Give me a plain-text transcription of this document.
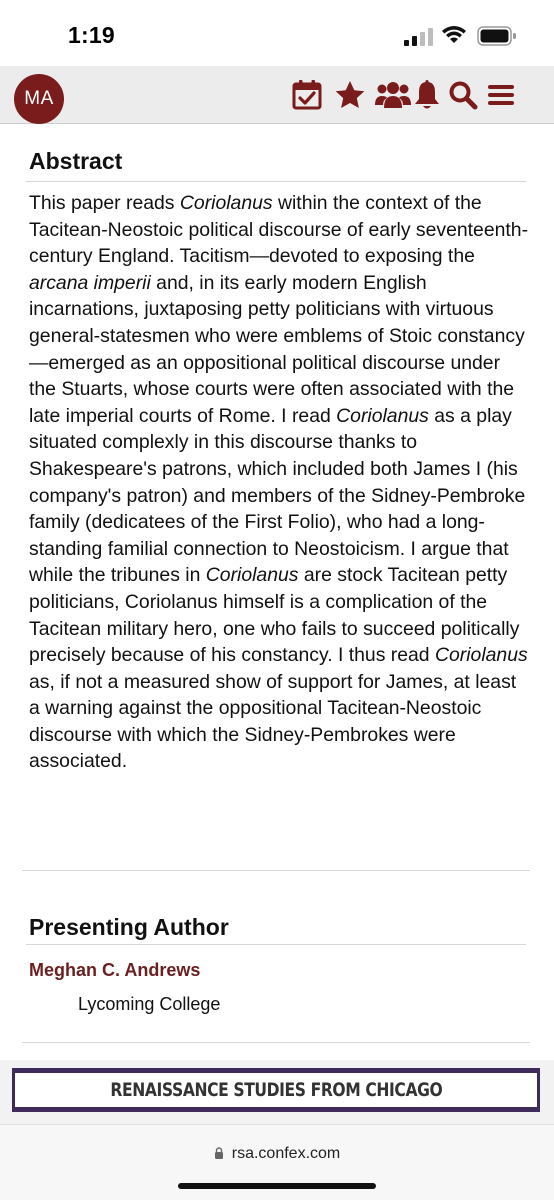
1:19
MA
Abstract

This paper reads Coriolanus within the context of the Tacitean-Neostoic political discourse of early seventeenth-century England. Tacitism—devoted to exposing the arcana imperii and, in its early modern English incarnations, juxtaposing petty politicians with virtuous general-statesmen who were emblems of Stoic constancy—emerged as an oppositional political discourse under the Stuarts, whose courts were often associated with the late imperial courts of Rome. I read Coriolanus as a play situated complexly in this discourse thanks to Shakespeare's patrons, which included both James I (his company's patron) and members of the Sidney-Pembroke family (dedicatees of the First Folio), who had a long-standing familial connection to Neostoicism. I argue that while the tribunes in Coriolanus are stock Tacitean petty politicians, Coriolanus himself is a complication of the Tacitean military hero, one who fails to succeed politically precisely because of his constancy. I thus read Coriolanus as, if not a measured show of support for James, at least a warning against the oppositional Tacitean-Neostoic discourse with which the Sidney-Pembrokes were associated.

Presenting Author
Meghan C. Andrews
Lycoming College
RENAISSANCE STUDIES FROM CHICAGO
rsa.confex.com
